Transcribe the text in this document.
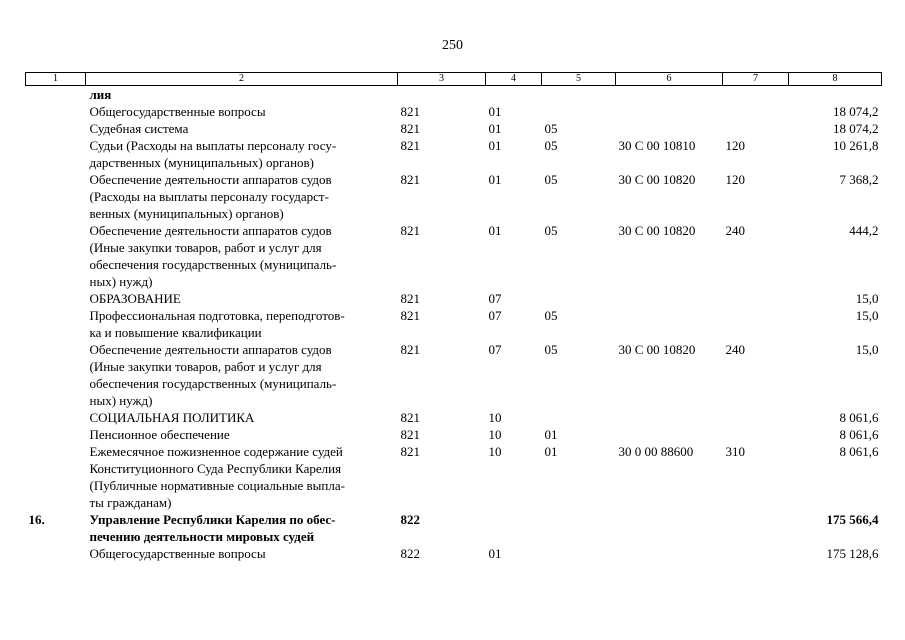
250
1	2	3	4	5	6	7	8

	лия						

	Общегосударственные вопросы	821	01				18 074,2

	Судебная система	821	01	05			18 074,2

	Судьи (Расходы на выплаты персоналу госу-
дарственных (муниципальных) органов)	821	01	05	30 С 00 10810	120	10 261,8

	Обеспечение деятельности аппаратов судов
(Расходы на выплаты персоналу государст-
венных (муниципальных) органов)	821	01	05	30 С 00 10820	120	7 368,2

	Обеспечение деятельности аппаратов судов
(Иные закупки товаров, работ и услуг для
обеспечения государственных (муниципаль-
ных) нужд)	821	01	05	30 С 00 10820	240	444,2

	ОБРАЗОВАНИЕ	821	07				15,0

	Профессиональная подготовка, переподготов-
ка и повышение квалификации	821	07	05			15,0

	Обеспечение деятельности аппаратов судов
(Иные закупки товаров, работ и услуг для
обеспечения государственных (муниципаль-
ных) нужд)	821	07	05	30 С 00 10820	240	15,0

	СОЦИАЛЬНАЯ ПОЛИТИКА	821	10				8 061,6

	Пенсионное обеспечение	821	10	01			8 061,6

	Ежемесячное пожизненное содержание судей
Конституционного Суда Республики Карелия
(Публичные нормативные социальные выпла-
ты гражданам)	821	10	01	30 0 00 88600	310	8 061,6
16.	Управление Республики Карелия по обес-
печению деятельности мировых судей	822					175 566,4

	Общегосударственные вопросы	822	01				175 128,6
